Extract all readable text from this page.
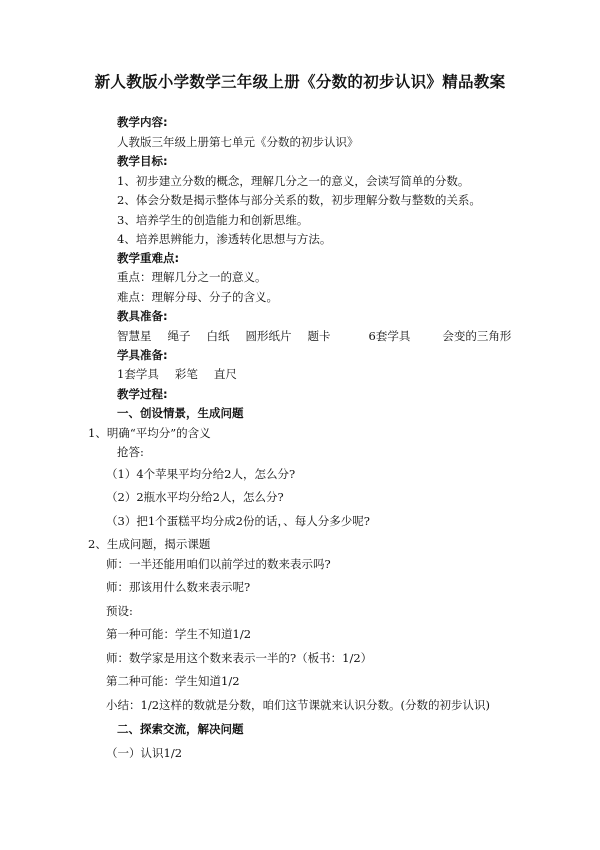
新人教版小学数学三年级上册《分数的初步认识》精品教案
教学内容:
人教版三年级上册第七单元《分数的初步认识》
教学目标:
1、初步建立分数的概念，理解几分之一的意义，会读写简单的分数。
2、体会分数是揭示整体与部分关系的数，初步理解分数与整数的关系。
3、培养学生的创造能力和创新思维。
4、培养思辨能力，渗透转化思想与方法。
教学重难点:
重点：理解几分之一的意义。
难点：理解分母、分子的含义。
教具准备:
智慧星 绳子 白纸 圆形纸片 题卡	6套学具	会变的三角形
学具准备:
1套学具 彩笔 直尺
教学过程:
一、创设情景，生成问题
1、明确“平均分”的含义
抢答:
（1）4个苹果平均分给2人，怎么分?
（2）2瓶水平均分给2人，怎么分?
（3）把1个蛋糕平均分成2份的话，、每人分多少呢?
2、生成问题，揭示课题
师：一半还能用咱们以前学过的数来表示吗?
师：那该用什么数来表示呢?
预设:
第一种可能：学生不知道1/2
师：数学家是用这个数来表示一半的?（板书：1/2）
第二种可能：学生知道1/2
小结：1/2这样的数就是分数，咱们这节课就来认识分数。(分数的初步认识)
二、探索交流，解决问题
（一）认识1/2
